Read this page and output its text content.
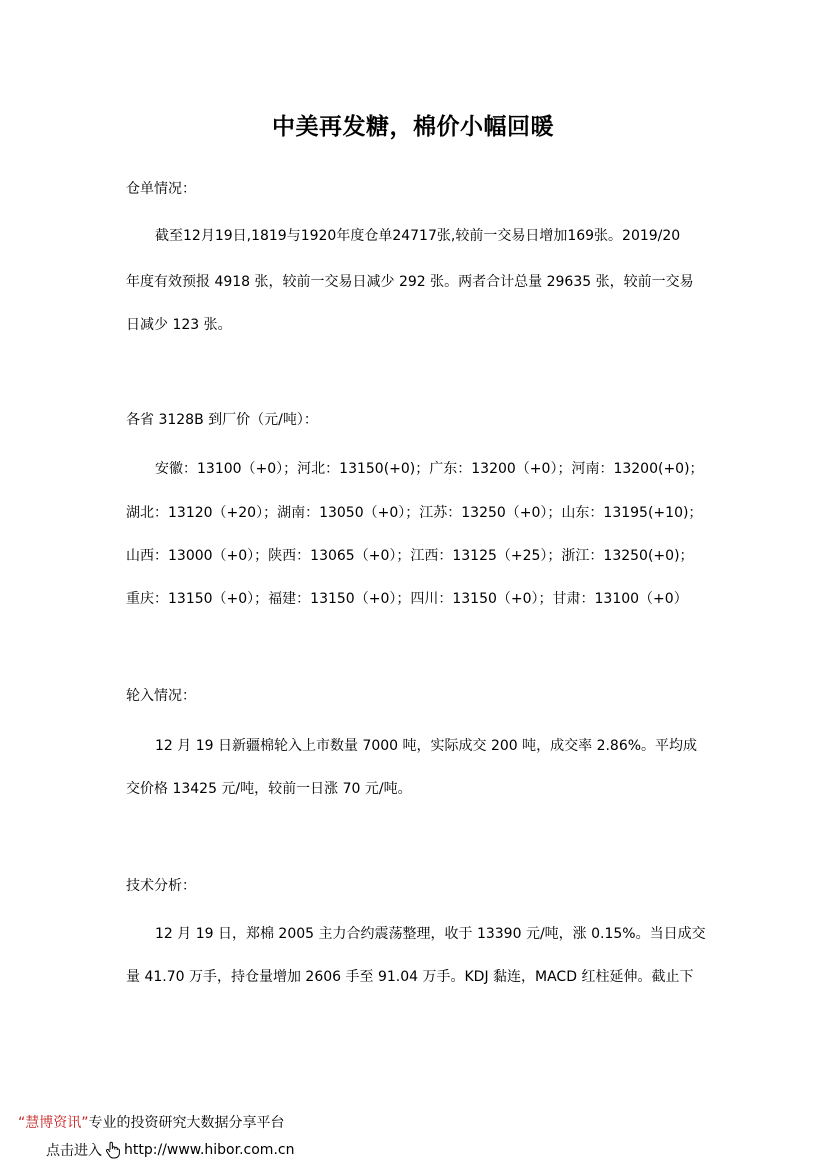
中美再发糖，棉价小幅回暖
仓单情况：
截至12月19日,1819与1920年度仓单24717张,较前一交易日增加169张。2019/20
年度有效预报 4918 张，较前一交易日减少 292 张。两者合计总量 29635 张，较前一交易
日减少 123 张。
各省 3128B 到厂价（元/吨）：
安徽：13100（+0）；河北：13150(+0)；广东：13200（+0）；河南：13200(+0)；
湖北：13120（+20）；湖南：13050（+0）；江苏：13250（+0）；山东：13195(+10)；
山西：13000（+0）；陕西：13065（+0）；江西：13125（+25）；浙江：13250(+0)；
重庆：13150（+0）；福建：13150（+0）；四川：13150（+0）；甘肃：13100（+0）
轮入情况：
12 月 19 日新疆棉轮入上市数量 7000 吨，实际成交 200 吨，成交率 2.86%。平均成
交价格 13425 元/吨，较前一日涨 70 元/吨。
技术分析：
12 月 19 日，郑棉 2005 主力合约震荡整理，收于 13390 元/吨，涨 0.15%。当日成交
量 41.70 万手，持仓量增加 2606 手至 91.04 万手。KDJ 黏连，MACD 红柱延伸。截止下
“慧博资讯”专业的投资研究大数据分享平台
点击进入 http://www.hibor.com.cn
